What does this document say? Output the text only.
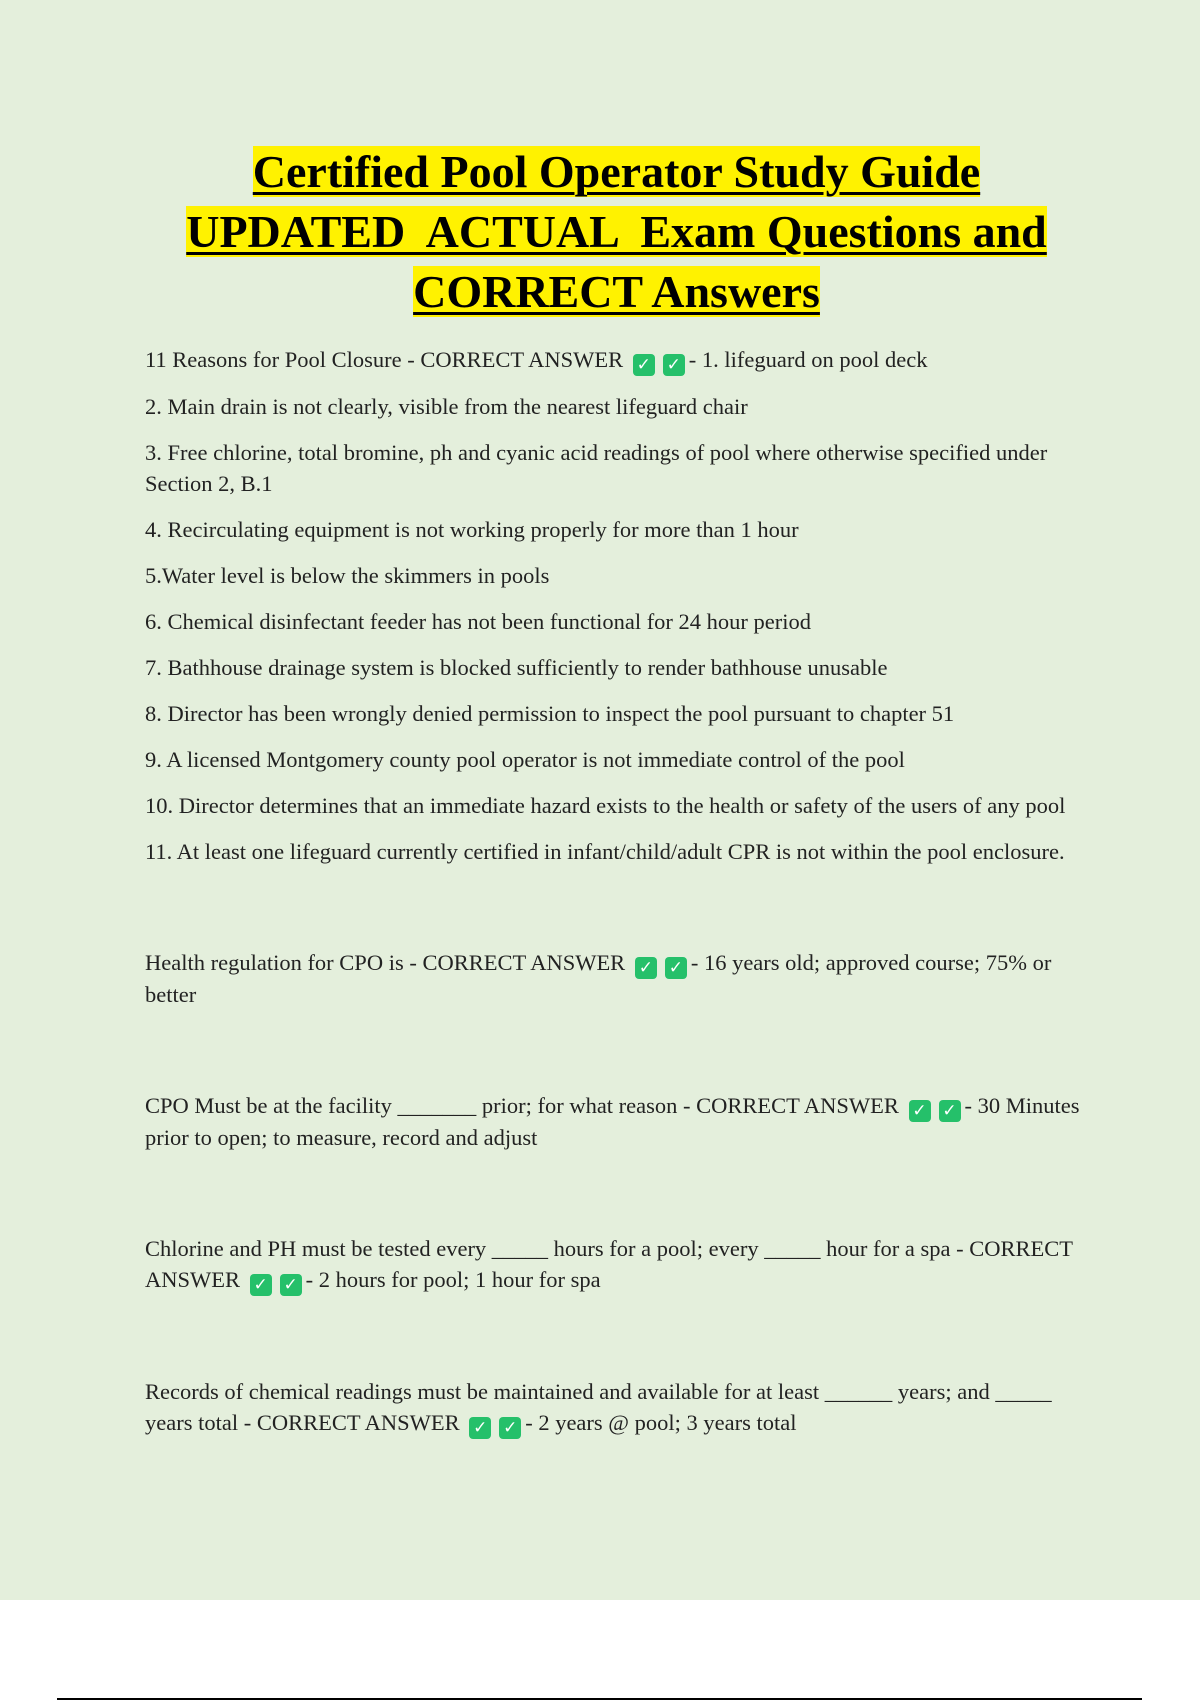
Certified Pool Operator Study Guide
UPDATED  ACTUAL  Exam Questions and
CORRECT Answers

11 Reasons for Pool Closure - CORRECT ANSWER ✓ ✓ - 1. lifeguard on pool deck

2. Main drain is not clearly, visible from the nearest lifeguard chair

3. Free chlorine, total bromine, ph and cyanic acid readings of pool where otherwise specified under Section 2, B.1

4. Recirculating equipment is not working properly for more than 1 hour

5.Water level is below the skimmers in pools

6. Chemical disinfectant feeder has not been functional for 24 hour period

7. Bathhouse drainage system is blocked sufficiently to render bathhouse unusable

8. Director has been wrongly denied permission to inspect the pool pursuant to chapter 51

9. A licensed Montgomery county pool operator is not immediate control of the pool

10. Director determines that an immediate hazard exists to the health or safety of the users of any pool

11. At least one lifeguard currently certified in infant/child/adult CPR is not within the pool enclosure.

Health regulation for CPO is - CORRECT ANSWER ✓ ✓ - 16 years old; approved course; 75% or better

CPO Must be at the facility _______ prior; for what reason - CORRECT ANSWER ✓ ✓ - 30 Minutes prior to open; to measure, record and adjust

Chlorine and PH must be tested every _____ hours for a pool; every _____ hour for a spa - CORRECT ANSWER ✓ ✓ - 2 hours for pool; 1 hour for spa

Records of chemical readings must be maintained and available for at least ______ years; and _____ years total - CORRECT ANSWER ✓ ✓ - 2 years @ pool; 3 years total
